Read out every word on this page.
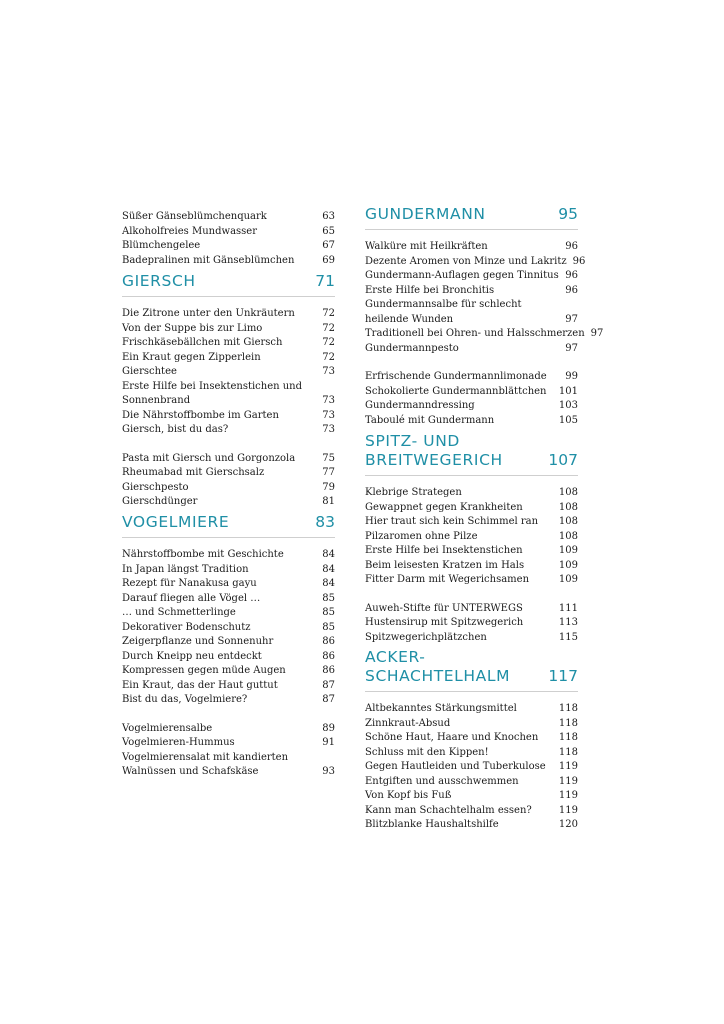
Süßer Gänseblümchenquark	63
Alkoholfreies Mundwasser	65
Blümchengelee	67
Badepralinen mit Gänseblümchen	69
GIERSCH	71
Die Zitrone unter den Unkräutern	72
Von der Suppe bis zur Limo	72
Frischkäsebällchen mit Giersch	72
Ein Kraut gegen Zipperlein	72
Gierschtee	73
Erste Hilfe bei Insektenstichen und
Sonnenbrand	73
Die Nährstoffbombe im Garten	73
Giersch, bist du das?	73
Pasta mit Giersch und Gorgonzola	75
Rheumabad mit Gierschsalz	77
Gierschpesto	79
Gierschdünger	81
VOGELMIERE	83
Nährstoffbombe mit Geschichte	84
In Japan längst Tradition	84
Rezept für Nanakusa gayu	84
Darauf fliegen alle Vögel …	85
… und Schmetterlinge	85
Dekorativer Bodenschutz	85
Zeigerpflanze und Sonnenuhr	86
Durch Kneipp neu entdeckt	86
Kompressen gegen müde Augen	86
Ein Kraut, das der Haut guttut	87
Bist du das, Vogelmiere?	87
Vogelmierensalbe	89
Vogelmieren-Hummus	91
Vogelmierensalat mit kandierten
Walnüssen und Schafskäse	93
GUNDERMANN	95
Walküre mit Heilkräften	96
Dezente Aromen von Minze und Lakritz 96
Gundermann-Auflagen gegen Tinnitus 96
Erste Hilfe bei Bronchitis	96
Gundermannsalbe für schlecht
heilende Wunden	97
Traditionell bei Ohren- und Halsschmerzen 97
Gundermannpesto	97
Erfrischende Gundermannlimonade	99
Schokolierte Gundermannblättchen	101
Gundermanndressing	103
Taboulé mit Gundermann	105
SPITZ- UND
BREITWEGERICH	107
Klebrige Strategen	108
Gewappnet gegen Krankheiten	108
Hier traut sich kein Schimmel ran	108
Pilzaromen ohne Pilze	108
Erste Hilfe bei Insektenstichen	109
Beim leisesten Kratzen im Hals	109
Fitter Darm mit Wegerichsamen	109
Auweh-Stifte für UNTERWEGS	111
Hustensirup mit Spitzwegerich	113
Spitzwegerichplätzchen	115
ACKER-
SCHACHTELHALM 117
Altbekanntes Stärkungsmittel	118
Zinnkraut-Absud	118
Schöne Haut, Haare und Knochen	118
Schluss mit den Kippen!	118
Gegen Hautleiden und Tuberkulose	119
Entgiften und ausschwemmen	119
Von Kopf bis Fuß	119
Kann man Schachtelhalm essen?	119
Blitzblanke Haushaltshilfe	120
